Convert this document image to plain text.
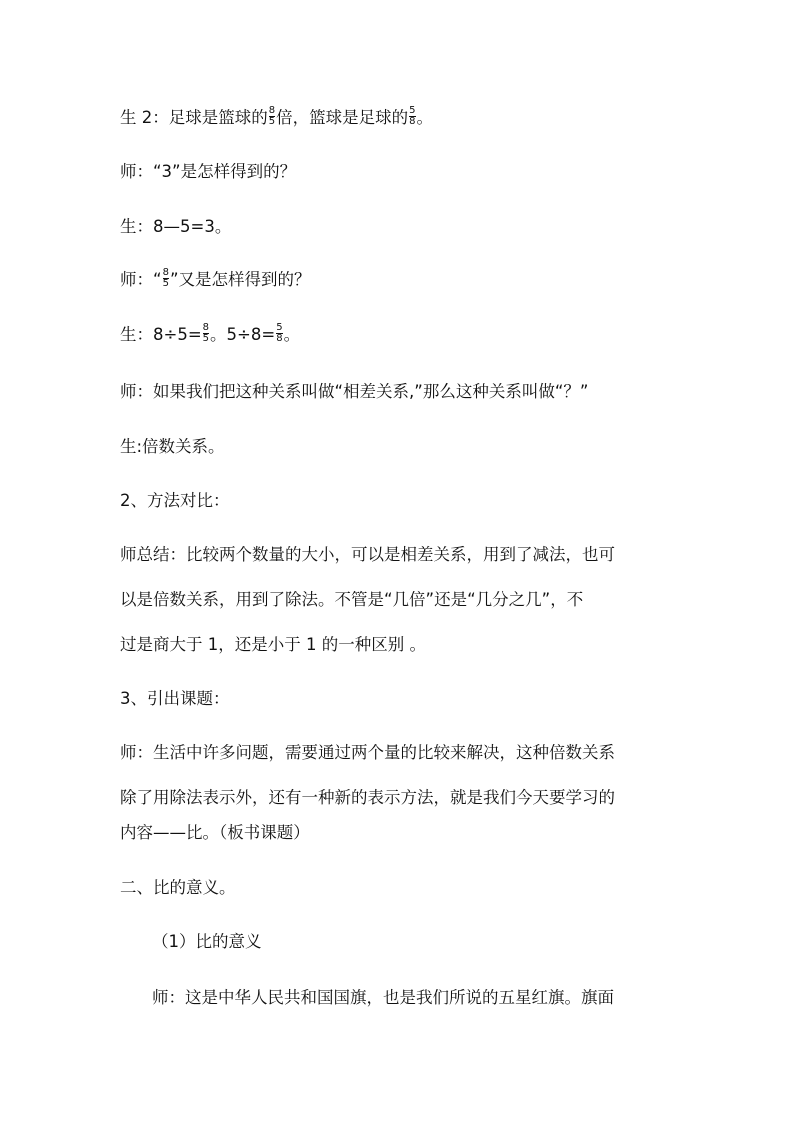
生 2：足球是篮球的 $\frac{8}{5}$ 倍，篮球是足球的 $\frac{5}{8}$ 。
师：“3”是怎样得到的？
生：8—5=3。
师：“ $\frac{8}{5}$ ”又是怎样得到的？
生：$8\div 5= \frac{8}{5}$ 。$5\div 8= \frac{5}{8}$ 。
师：如果我们把这种关系叫做“相差关系,”那么这种关系叫做“？”
生:倍数关系。
2、方法对比：
师总结：比较两个数量的大小，可以是相差关系，用到了减法，也可
以是倍数关系，用到了除法。不管是“几倍”还是“几分之几”，不
过是商大于 1，还是小于 1 的一种区别 。
3、引出课题：
师：生活中许多问题，需要通过两个量的比较来解决，这种倍数关系
除了用除法表示外，还有一种新的表示方法，就是我们今天要学习的
内容——比。（板书课题）
二、比的意义。
（1）比的意义
师：这是中华人民共和国国旗，也是我们所说的五星红旗。旗面
